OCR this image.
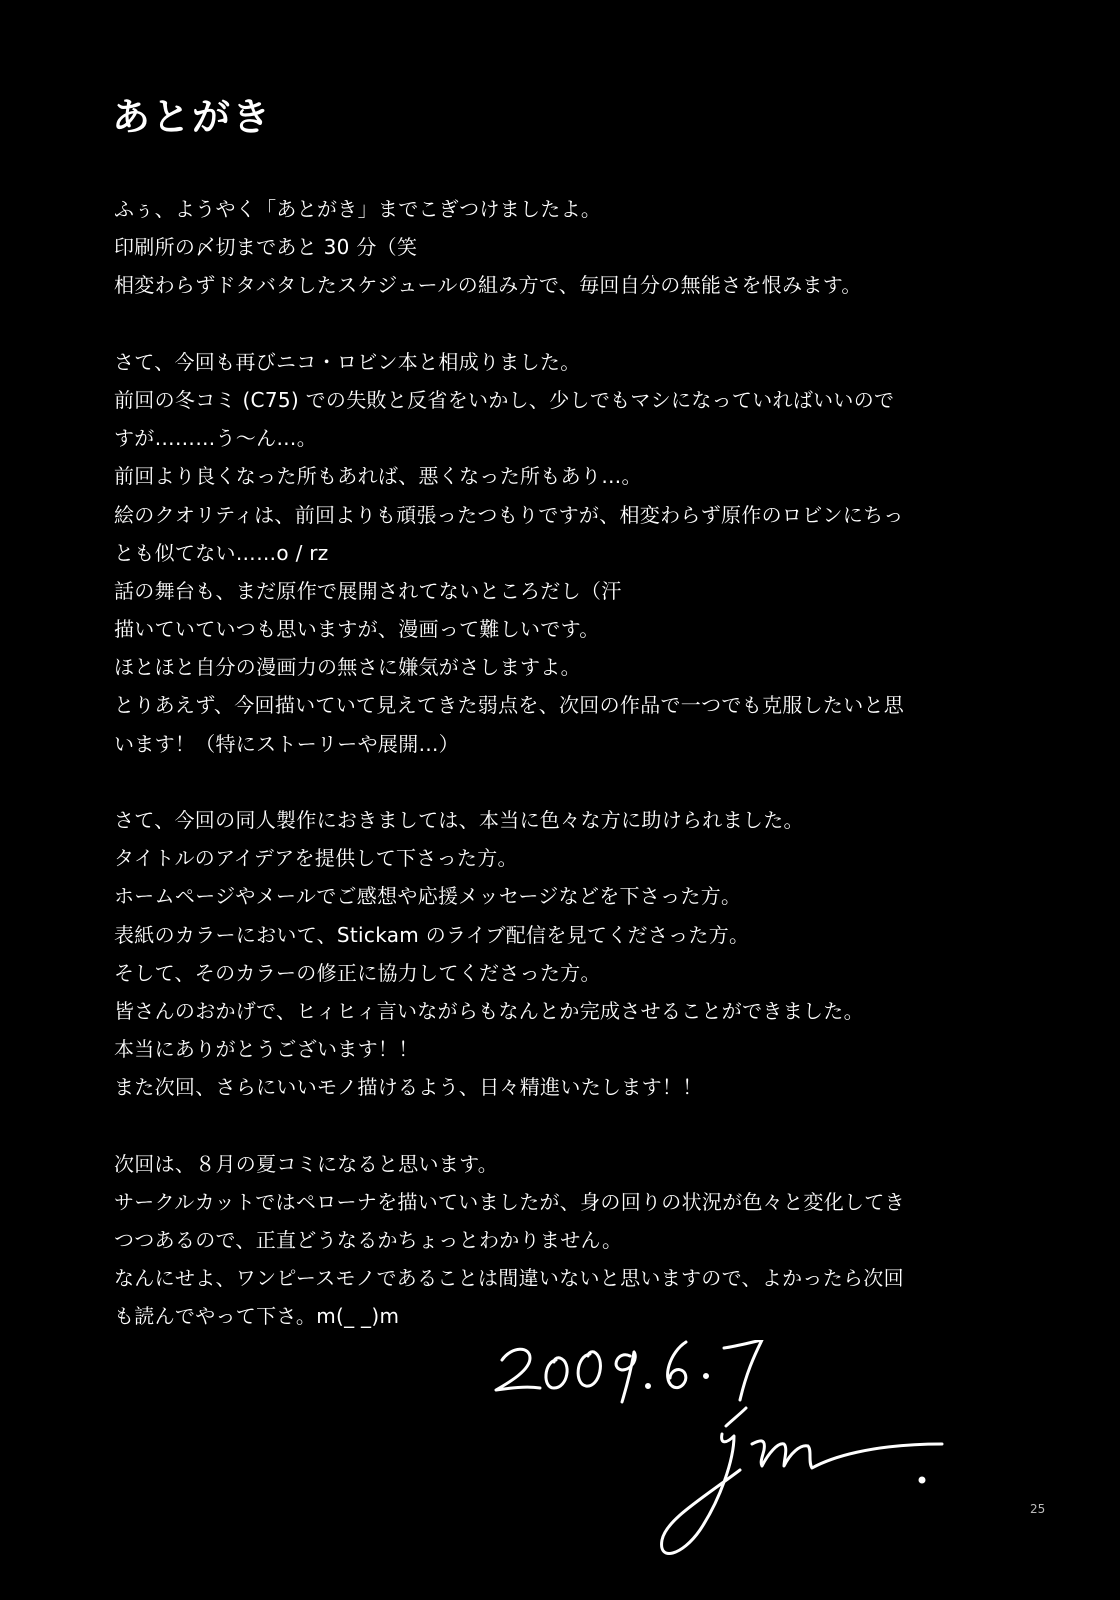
あとがき
ふぅ、ようやく「あとがき」までこぎつけましたよ。
印刷所の〆切まであと 30 分（笑
相変わらずドタバタしたスケジュールの組み方で、毎回自分の無能さを恨みます。
さて、今回も再びニコ・ロビン本と相成りました。
前回の冬コミ (C75) での失敗と反省をいかし、少しでもマシになっていればいいので
すが………う〜ん…。
前回より良くなった所もあれば、悪くなった所もあり…。
絵のクオリティは、前回よりも頑張ったつもりですが、相変わらず原作のロビンにちっ
とも似てない……o / rz
話の舞台も、まだ原作で展開されてないところだし（汗
描いていていつも思いますが、漫画って難しいです。
ほとほと自分の漫画力の無さに嫌気がさしますよ。
とりあえず、今回描いていて見えてきた弱点を、次回の作品で一つでも克服したいと思
います！（特にストーリーや展開…）
さて、今回の同人製作におきましては、本当に色々な方に助けられました。
タイトルのアイデアを提供して下さった方。
ホームページやメールでご感想や応援メッセージなどを下さった方。
表紙のカラーにおいて、Stickam のライブ配信を見てくださった方。
そして、そのカラーの修正に協力してくださった方。
皆さんのおかげで、ヒィヒィ言いながらもなんとか完成させることができました。
本当にありがとうございます！！
また次回、さらにいいモノ描けるよう、日々精進いたします！！
次回は、８月の夏コミになると思います。
サークルカットではペローナを描いていましたが、身の回りの状況が色々と変化してき
つつあるので、正直どうなるかちょっとわかりません。
なんにせよ、ワンピースモノであることは間違いないと思いますので、よかったら次回
も読んでやって下さ。m(_ _)m
25
